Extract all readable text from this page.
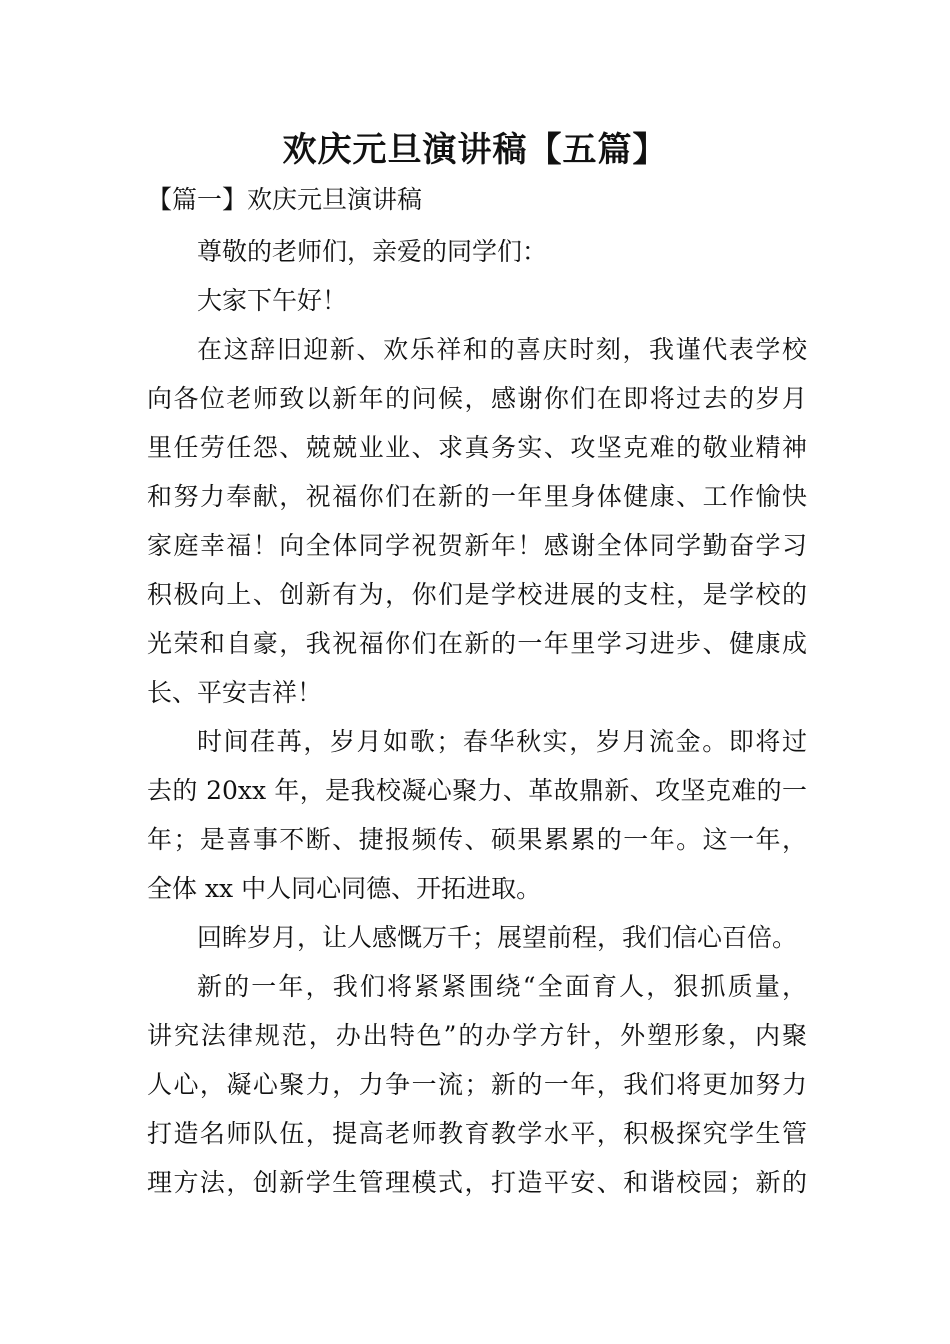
欢庆元旦演讲稿【五篇】
【篇一】欢庆元旦演讲稿
尊敬的老师们，亲爱的同学们：
大家下午好！
在这辞旧迎新、欢乐祥和的喜庆时刻，我谨代表学校
向各位老师致以新年的问候，感谢你们在即将过去的岁月
里任劳任怨、兢兢业业、求真务实、攻坚克难的敬业精神
和努力奉献，祝福你们在新的一年里身体健康、工作愉快
家庭幸福！向全体同学祝贺新年！感谢全体同学勤奋学习
积极向上、创新有为，你们是学校进展的支柱，是学校的
光荣和自豪，我祝福你们在新的一年里学习进步、健康成
长、平安吉祥！
时间荏苒，岁月如歌；春华秋实，岁月流金。即将过
去的 20xx 年，是我校凝心聚力、革故鼎新、攻坚克难的一
年；是喜事不断、捷报频传、硕果累累的一年。这一年，
全体 xx 中人同心同德、开拓进取。
回眸岁月，让人感慨万千；展望前程，我们信心百倍。
新的一年，我们将紧紧围绕“全面育人，狠抓质量，
讲究法律规范，办出特色”的办学方针，外塑形象，内聚
人心，凝心聚力，力争一流；新的一年，我们将更加努力
打造名师队伍，提高老师教育教学水平，积极探究学生管
理方法，创新学生管理模式，打造平安、和谐校园；新的
